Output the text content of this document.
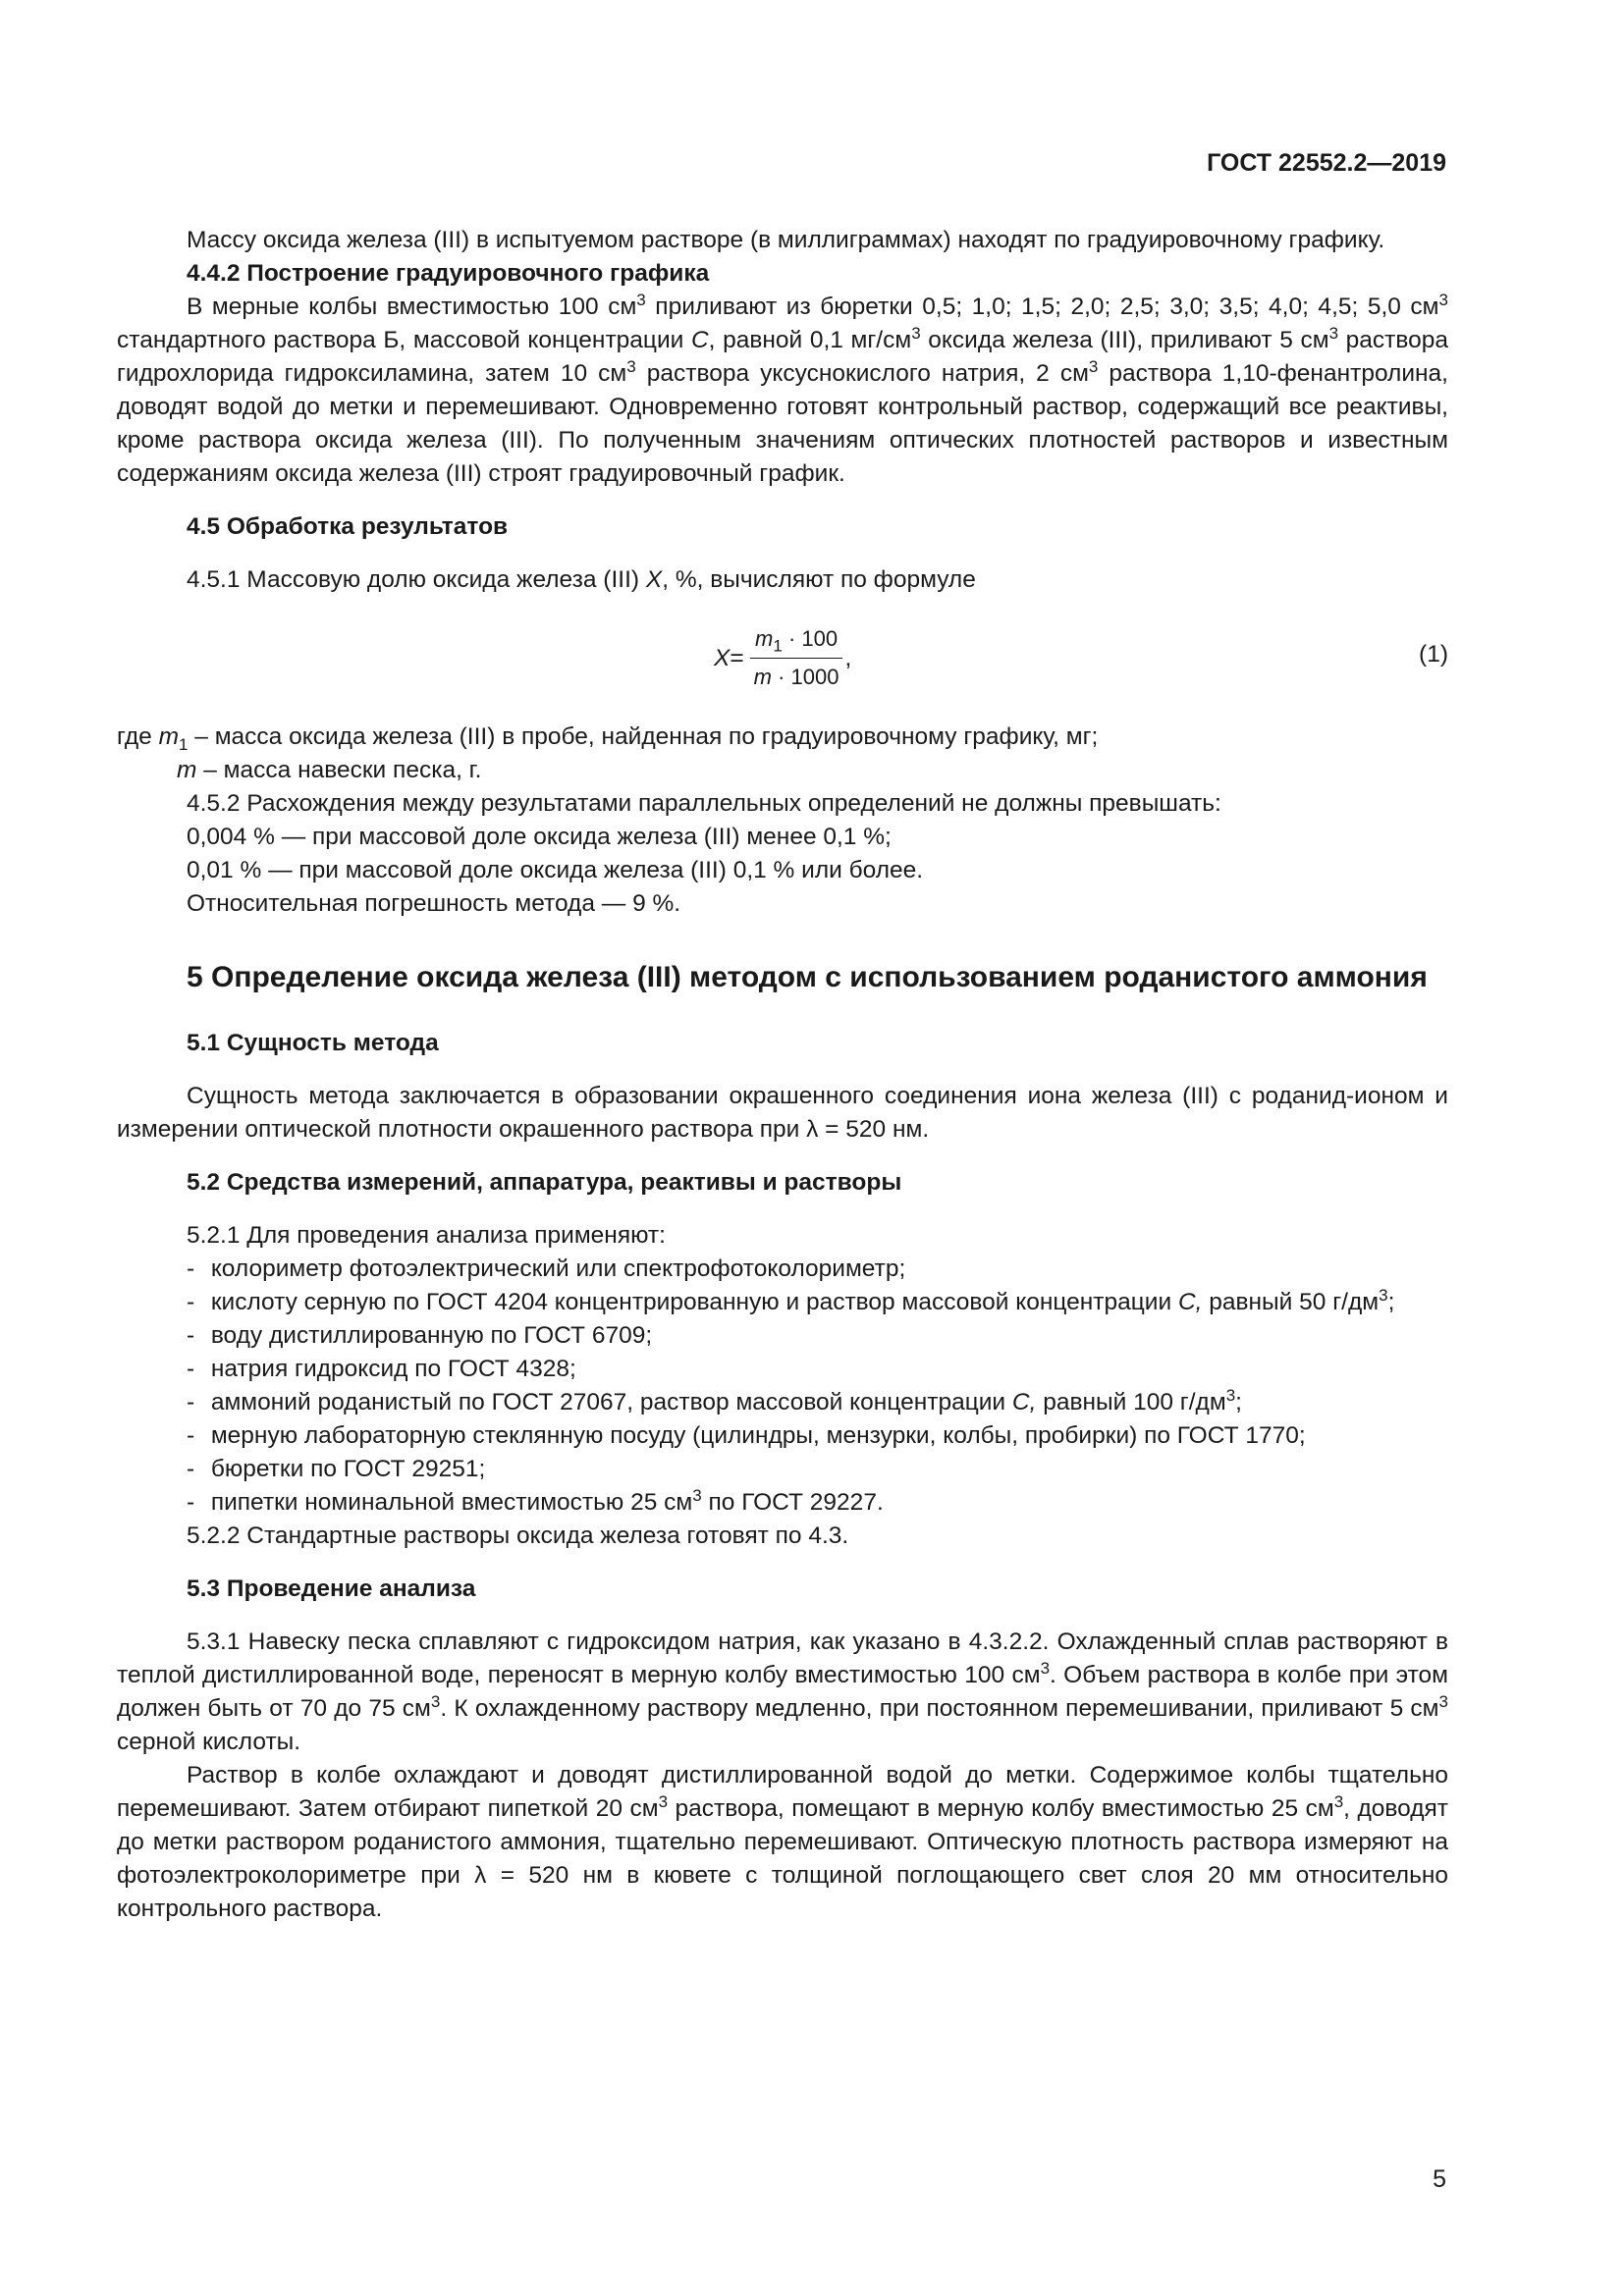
ГОСТ 22552.2—2019

Массу оксида железа (III) в испытуемом растворе (в миллиграммах) находят по градуировочному графику.

4.4.2 Построение градуировочного графика

В мерные колбы вместимостью 100 $см^3$ приливают из бюретки 0,5; 1,0; 1,5; 2,0; 2,5; 3,0; 3,5; 4,0; 4,5; 5,0 $см^3$ стандартного раствора Б, массовой концентрации С, равной 0,1 $мг/см^3$ оксида железа (III), приливают 5 $см^3$ раствора гидрохлорида гидроксиламина, затем 10 $см^3$ раствора уксуснокислого натрия, 2 $см^3$ раствора 1,10-фенантролина, доводят водой до метки и перемешивают. Одновременно готовят контрольный раствор, содержащий все реактивы, кроме раствора оксида железа (III). По полученным значениям оптических плотностей растворов и известным содержаниям оксида железа (III) строят градуировочный график.

4.5 Обработка результатов

4.5.1 Массовую долю оксида железа (III) X, %, вычисляют по формуле

$X = \frac{m_1 \cdot 100}{m \cdot 1000}$ ,	(1)

где $m_1$ – масса оксида железа (III) в пробе, найденная по градуировочному графику, мг;

m – масса навески песка, г.

4.5.2 Расхождения между результатами параллельных определений не должны превышать:

0,004 % — при массовой доле оксида железа (III) менее 0,1 %;

0,01 % — при массовой доле оксида железа (III) 0,1 % или более.

Относительная погрешность метода — 9 %.

5 Определение оксида железа (III) методом с использованием роданистого аммония

5.1 Сущность метода

Сущность метода заключается в образовании окрашенного соединения иона железа (III) с роданид-ионом и измерении оптической плотности окрашенного раствора при λ = 520 нм.

5.2 Средства измерений, аппаратура, реактивы и растворы

5.2.1 Для проведения анализа применяют:

- колориметр фотоэлектрический или спектрофотоколориметр;

- кислоту серную по ГОСТ 4204 концентрированную и раствор массовой концентрации С, равный 50 $г/дм^3$;

- воду дистиллированную по ГОСТ 6709;

- натрия гидроксид по ГОСТ 4328;

- аммоний роданистый по ГОСТ 27067, раствор массовой концентрации С, равный 100 $г/дм^3$;

- мерную лабораторную стеклянную посуду (цилиндры, мензурки, колбы, пробирки) по ГОСТ 1770;

- бюретки по ГОСТ 29251;

- пипетки номинальной вместимостью 25 $см^3$ по ГОСТ 29227.

5.2.2 Стандартные растворы оксида железа готовят по 4.3.

5.3 Проведение анализа

5.3.1 Навеску песка сплавляют с гидроксидом натрия, как указано в 4.3.2.2. Охлажденный сплав растворяют в теплой дистиллированной воде, переносят в мерную колбу вместимостью 100 $см^3$. Объем раствора в колбе при этом должен быть от 70 до 75 $см^3$. К охлажденному раствору медленно, при постоянном перемешивании, приливают 5 $см^3$ серной кислоты.

Раствор в колбе охлаждают и доводят дистиллированной водой до метки. Содержимое колбы тщательно перемешивают. Затем отбирают пипеткой 20 $см^3$ раствора, помещают в мерную колбу вместимостью 25 $см^3$, доводят до метки раствором роданистого аммония, тщательно перемешивают. Оптическую плотность раствора измеряют на фотоэлектроколориметре при λ = 520 нм в кювете с толщиной поглощающего свет слоя 20 мм относительно контрольного раствора.

5
